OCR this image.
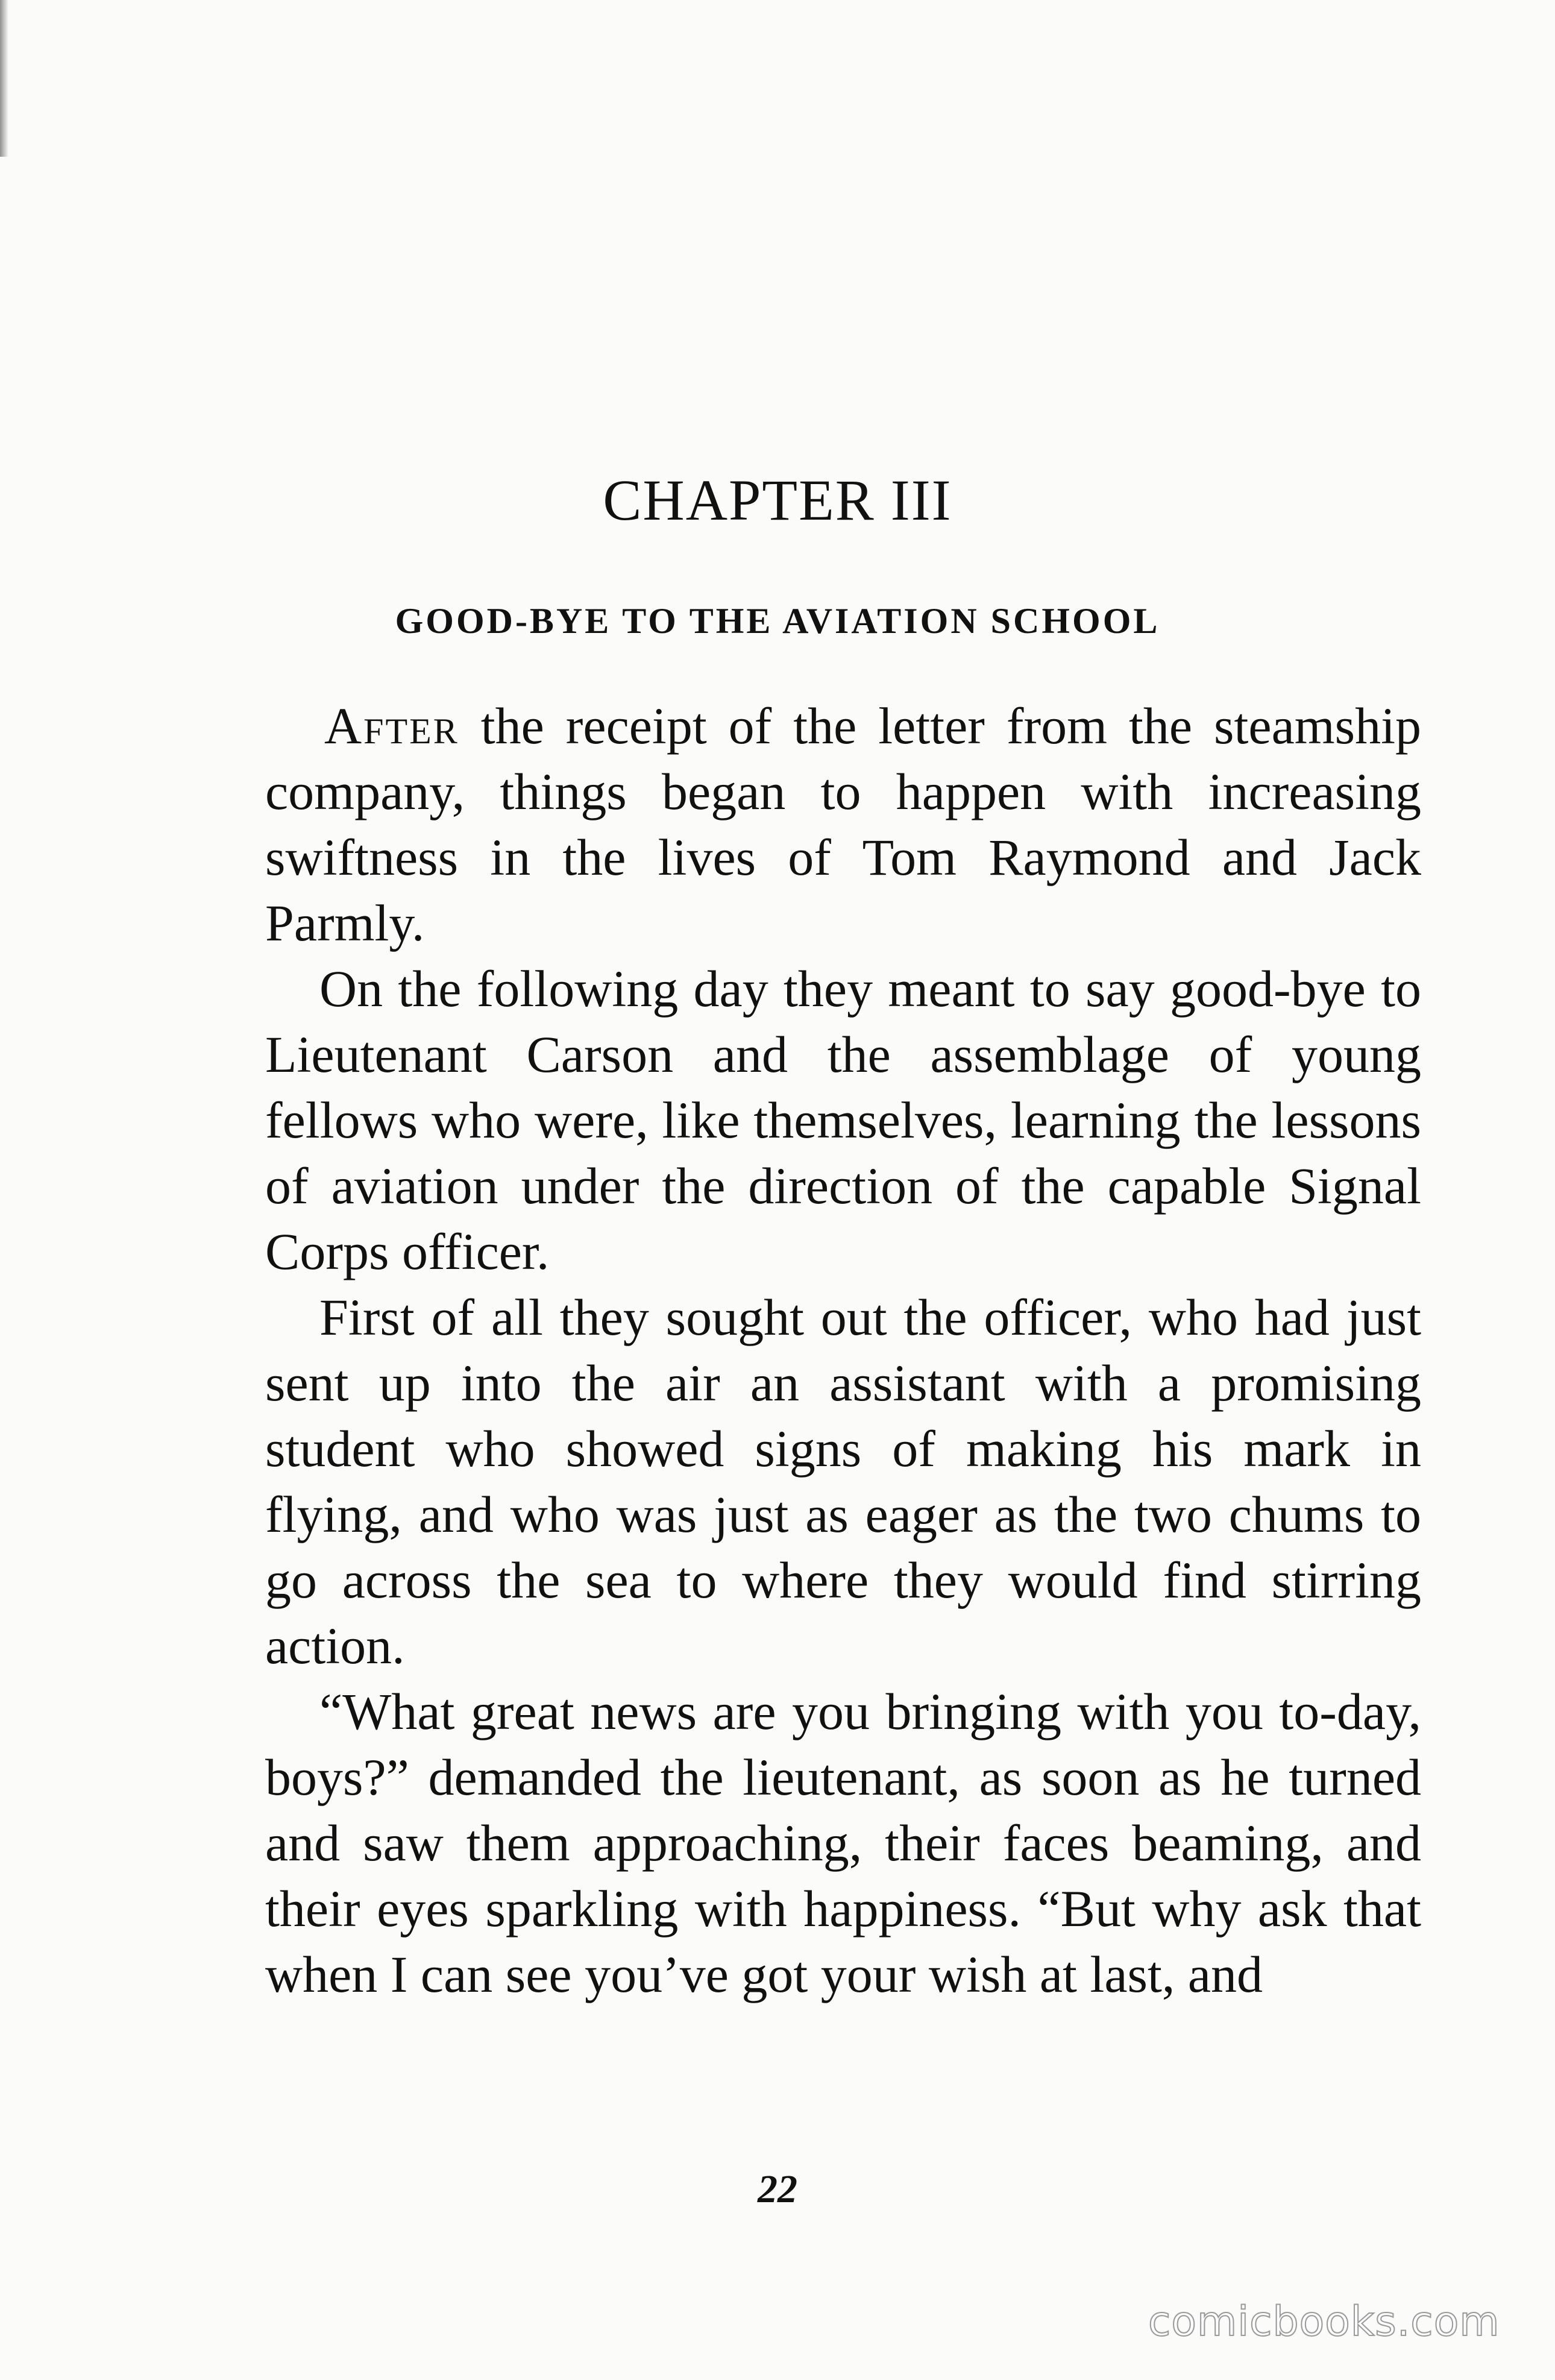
CHAPTER III
GOOD-BYE TO THE AVIATION SCHOOL

After the receipt of the letter from the steamship company, things began to happen with increasing swiftness in the lives of Tom Raymond and Jack Parmly.

On the following day they meant to say good-bye to Lieutenant Carson and the assemblage of young fellows who were, like themselves, learning the lessons of aviation under the direction of the capable Signal Corps officer.

First of all they sought out the officer, who had just sent up into the air an assistant with a promising student who showed signs of making his mark in flying, and who was just as eager as the two chums to go across the sea to where they would find stirring action.

“What great news are you bringing with you to-day, boys?” demanded the lieutenant, as soon as he turned and saw them approaching, their faces beaming, and their eyes sparkling with happiness. “But why ask that when I can see you’ve got your wish at last, and

22
comicbooks.com
